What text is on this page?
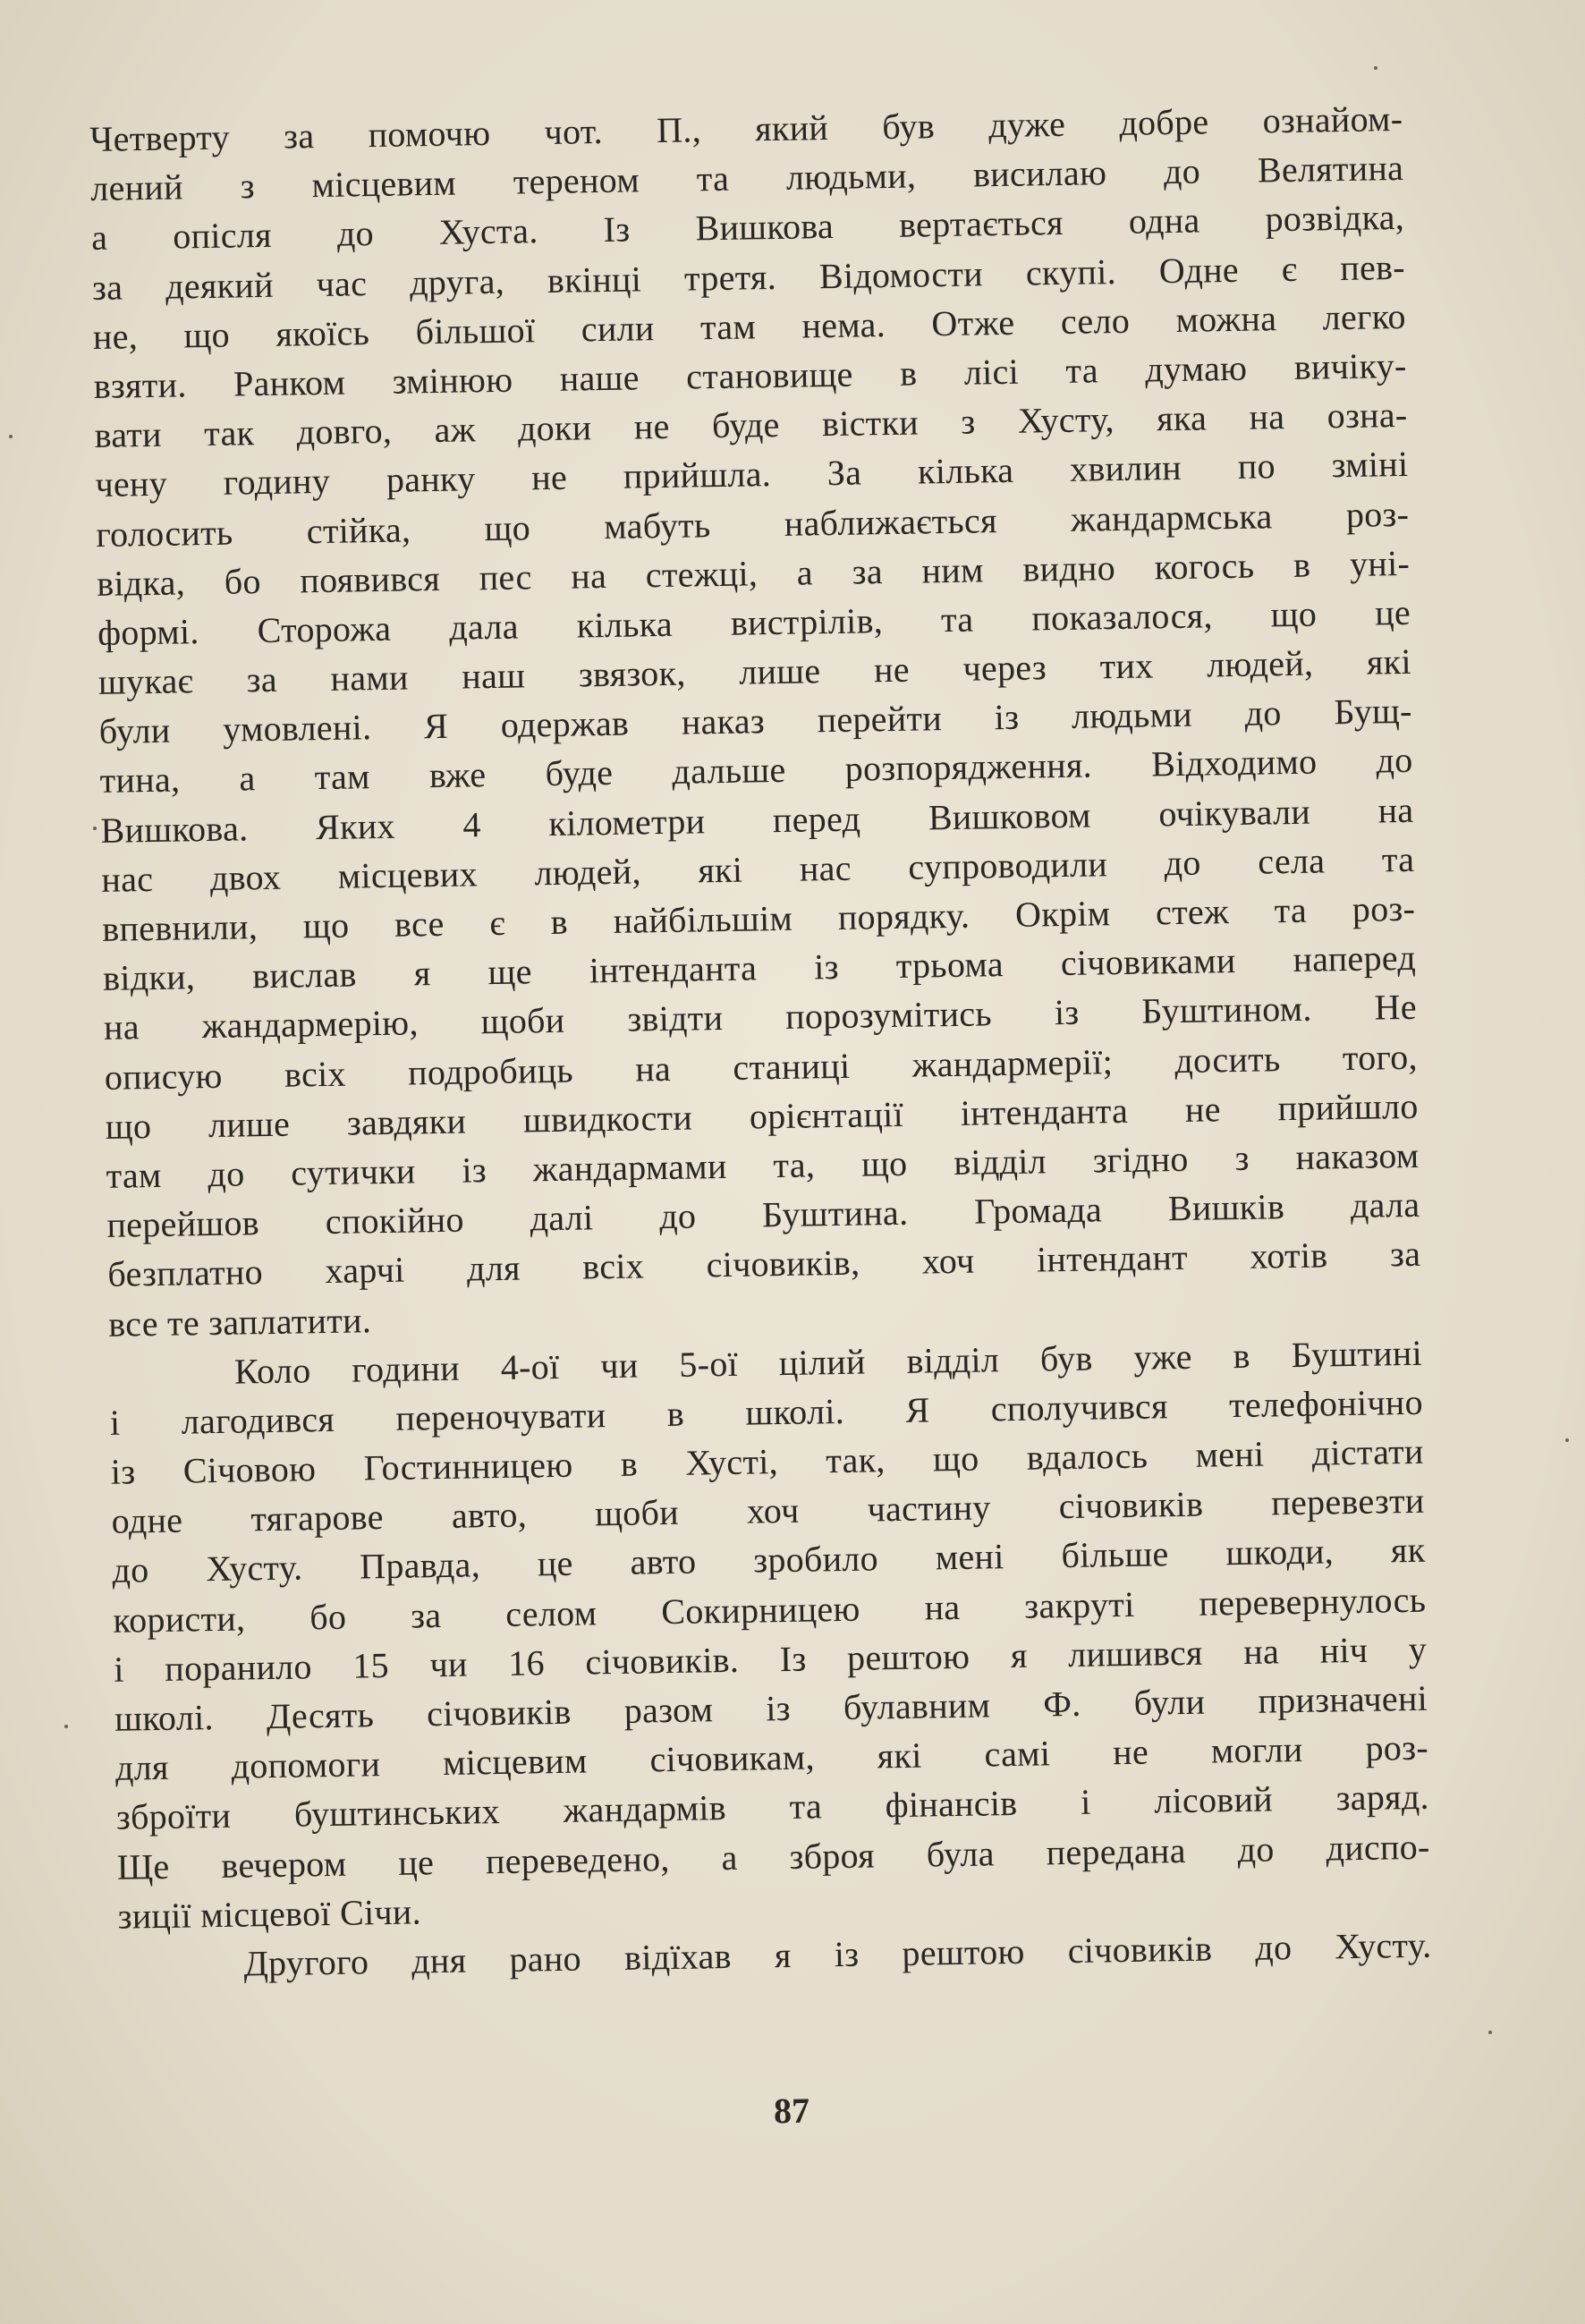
Четверту за помочю чот. П., який був дуже добре ознайом-
лений з місцевим тереном та людьми, висилаю до Велятина
а опісля до Хуста. Із Вишкова вертається одна розвідка,
за деякий час друга, вкінці третя. Відомости скупі. Одне є пев-
не, що якоїсь більшої сили там нема. Отже село можна легко
взяти. Ранком змінюю наше становище в лісі та думаю вичіку-
вати так довго, аж доки не буде вістки з Хусту, яка на озна-
чену годину ранку не прийшла. За кілька хвилин по зміні
голосить стійка, що мабуть наближається жандармська роз-
відка, бо появився пес на стежці, а за ним видно когось в уні-
формі. Сторожа дала кілька вистрілів, та показалося, що це
шукає за нами наш звязок, лише не через тих людей, які
були умовлені. Я одержав наказ перейти із людьми до Бущ-
тина, а там вже буде дальше розпорядження. Відходимо до
Вишкова. Яких 4 кілометри перед Вишковом очікували на
нас двох місцевих людей, які нас супроводили до села та
впевнили, що все є в найбільшім порядку. Окрім стеж та роз-
відки, вислав я ще інтенданта із трьома січовиками наперед
на жандармерію, щоби звідти порозумітись із Буштином. Не
описую всіх подробиць на станиці жандармерії; досить того,
що лише завдяки швидкости орієнтації інтенданта не прийшло
там до сутички із жандармами та, що відділ згідно з наказом
перейшов спокійно далі до Буштина. Громада Вишків дала
безплатно харчі для всіх січовиків, хоч інтендант хотів за
все те заплатити.
Коло години 4-ої чи 5-ої цілий відділ був уже в Буштині
і лагодився переночувати в школі. Я сполучився телефонічно
із Січовою Гостинницею в Хусті, так, що вдалось мені дістати
одне тягарове авто, щоби хоч частину січовиків перевезти
до Хусту. Правда, це авто зробило мені більше шкоди, як
користи, бо за селом Сокирницею на закруті перевернулось
і поранило 15 чи 16 січовиків. Із рештою я лишився на ніч у
школі. Десять січовиків разом із булавним Ф. були призначені
для допомоги місцевим січовикам, які самі не могли роз-
зброїти буштинських жандармів та фінансів і лісовий заряд.
Ще вечером це переведено, а зброя була передана до диспо-
зиції місцевої Січи.
Другого дня рано відїхав я із рештою січовиків до Хусту.
87
